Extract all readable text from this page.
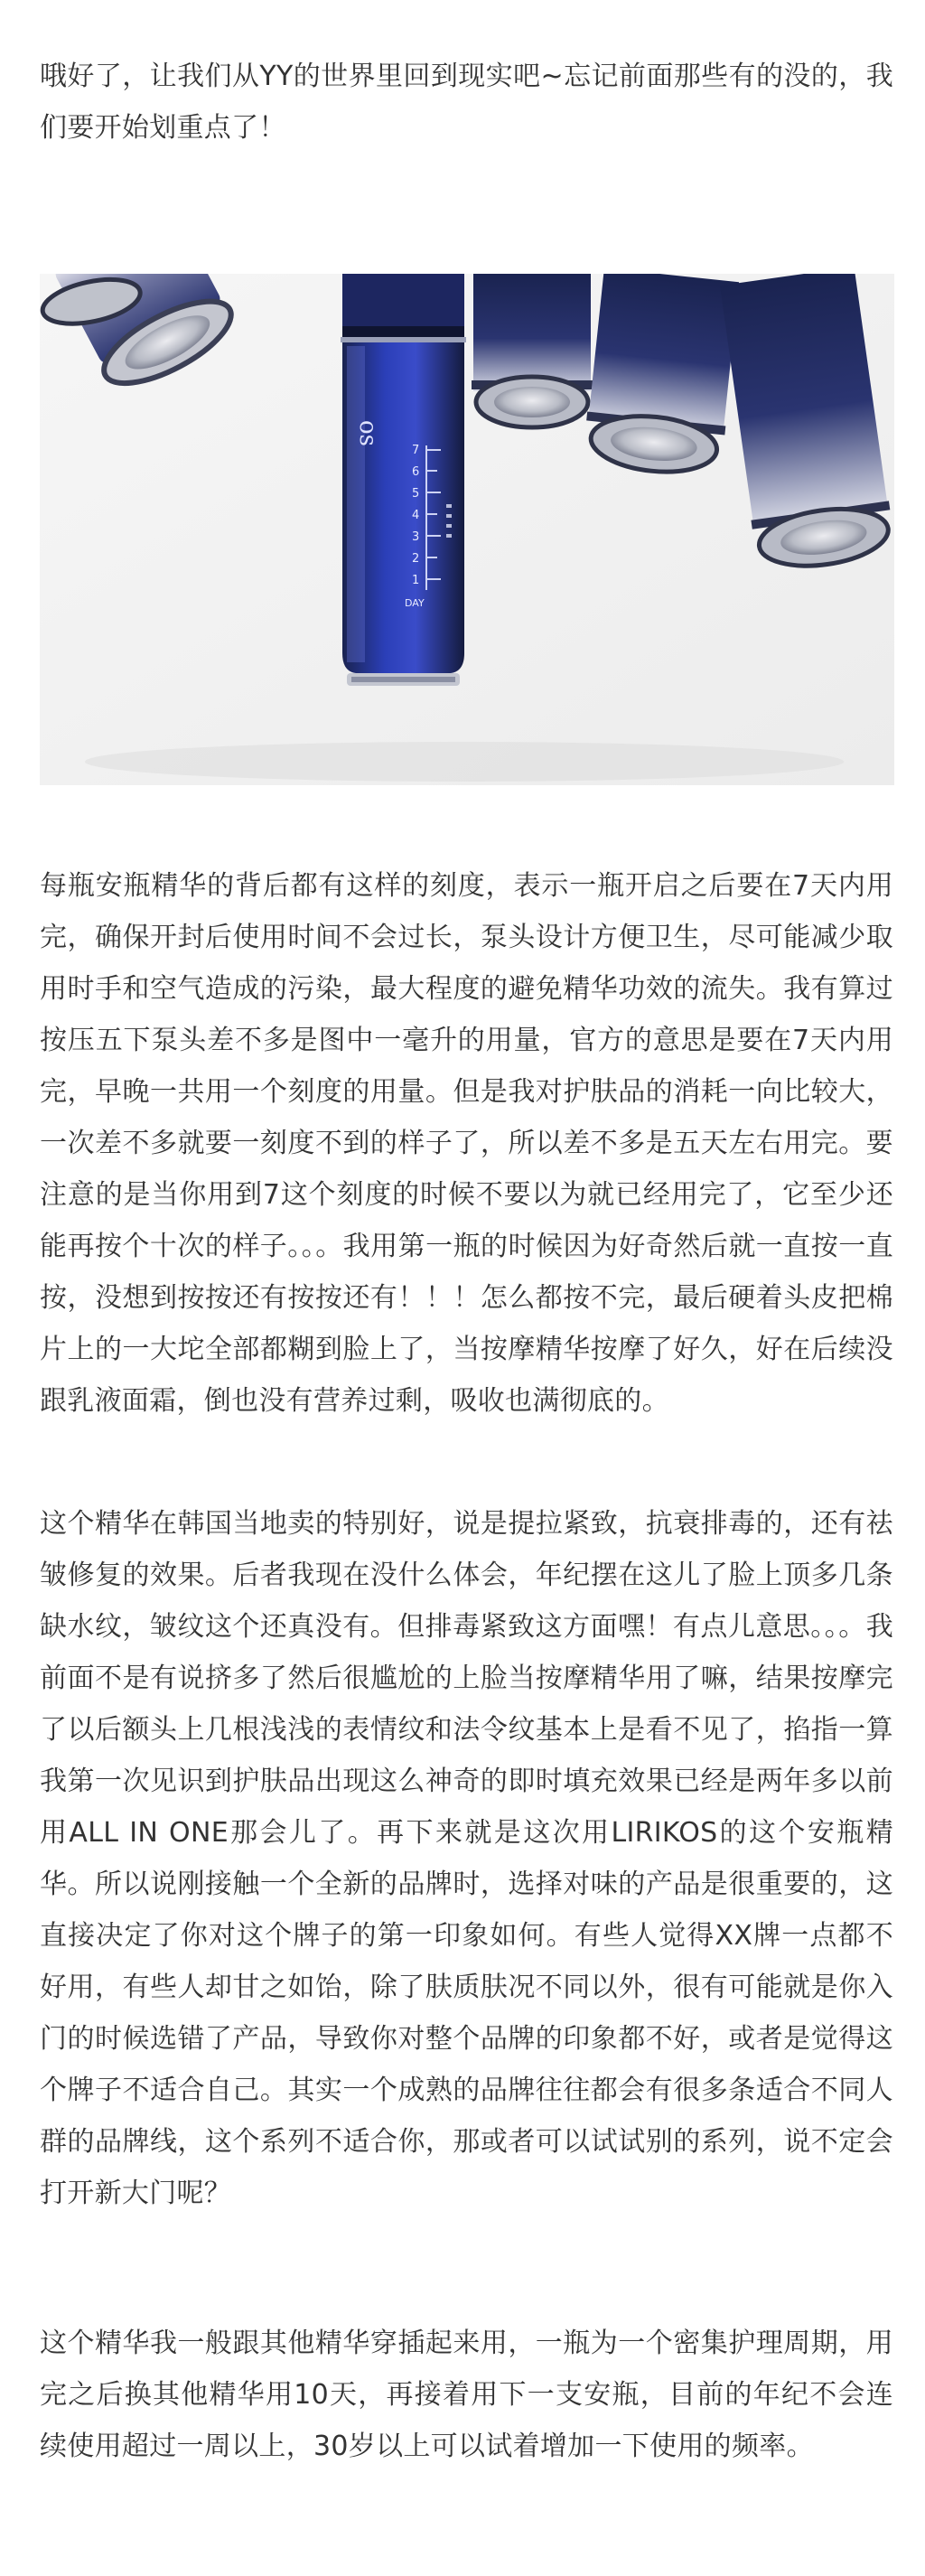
哦好了，让我们从YY的世界里回到现实吧~忘记前面那些有的没的，我们要开始划重点了！

7
6
5
4
3
2
1
DAY
os

每瓶安瓶精华的背后都有这样的刻度，表示一瓶开启之后要在7天内用完，确保开封后使用时间不会过长，泵头设计方便卫生，尽可能减少取用时手和空气造成的污染，最大程度的避免精华功效的流失。我有算过按压五下泵头差不多是图中一毫升的用量，官方的意思是要在7天内用完，早晚一共用一个刻度的用量。但是我对护肤品的消耗一向比较大，一次差不多就要一刻度不到的样子了，所以差不多是五天左右用完。要注意的是当你用到7这个刻度的时候不要以为就已经用完了，它至少还能再按个十次的样子。。。我用第一瓶的时候因为好奇然后就一直按一直按，没想到按按还有按按还有！！！怎么都按不完，最后硬着头皮把棉片上的一大坨全部都糊到脸上了，当按摩精华按摩了好久，好在后续没跟乳液面霜，倒也没有营养过剩，吸收也满彻底的。

这个精华在韩国当地卖的特别好，说是提拉紧致，抗衰排毒的，还有祛皱修复的效果。后者我现在没什么体会，年纪摆在这儿了脸上顶多几条缺水纹，皱纹这个还真没有。但排毒紧致这方面嘿！有点儿意思。。。我前面不是有说挤多了然后很尴尬的上脸当按摩精华用了嘛，结果按摩完了以后额头上几根浅浅的表情纹和法令纹基本上是看不见了，掐指一算我第一次见识到护肤品出现这么神奇的即时填充效果已经是两年多以前用ALL IN ONE那会儿了。再下来就是这次用LIRIKOS的这个安瓶精华。所以说刚接触一个全新的品牌时，选择对味的产品是很重要的，这直接决定了你对这个牌子的第一印象如何。有些人觉得XX牌一点都不好用，有些人却甘之如饴，除了肤质肤况不同以外，很有可能就是你入门的时候选错了产品，导致你对整个品牌的印象都不好，或者是觉得这个牌子不适合自己。其实一个成熟的品牌往往都会有很多条适合不同人群的品牌线，这个系列不适合你，那或者可以试试别的系列，说不定会打开新大门呢？

这个精华我一般跟其他精华穿插起来用，一瓶为一个密集护理周期，用完之后换其他精华用10天，再接着用下一支安瓶，目前的年纪不会连续使用超过一周以上，30岁以上可以试着增加一下使用的频率。
